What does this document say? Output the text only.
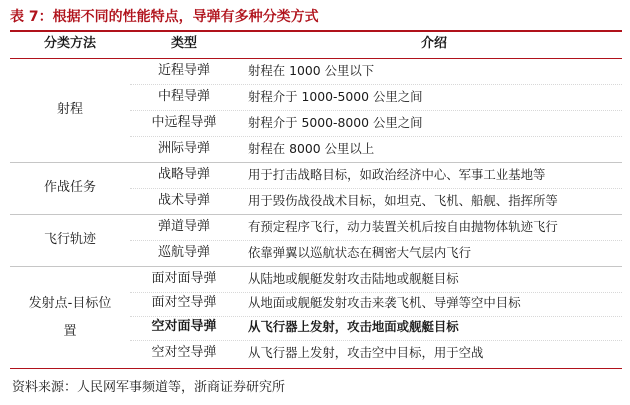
表 7：根据不同的性能特点，导弹有多种分类方式
分类方法	类型	介绍
射程
近程导弹	射程在 1000 公里以下
中程导弹	射程介于 1000-5000 公里之间
中远程导弹	射程介于 5000-8000 公里之间
洲际导弹	射程在 8000 公里以上
作战任务
战略导弹	用于打击战略目标，如政治经济中心、军事工业基地等
战术导弹	用于毁伤战役战术目标，如坦克、飞机、船舰、指挥所等
飞行轨迹
弹道导弹	有预定程序飞行，动力装置关机后按自由抛物体轨迹飞行
巡航导弹	依靠弹翼以巡航状态在稠密大气层内飞行
发射点-目标位
置
面对面导弹	从陆地或舰艇发射攻击陆地或舰艇目标
面对空导弹	从地面或舰艇发射攻击来袭飞机、导弹等空中目标
空对面导弹	从飞行器上发射，攻击地面或舰艇目标
空对空导弹	从飞行器上发射，攻击空中目标，用于空战
资料来源：人民网军事频道等，浙商证券研究所
